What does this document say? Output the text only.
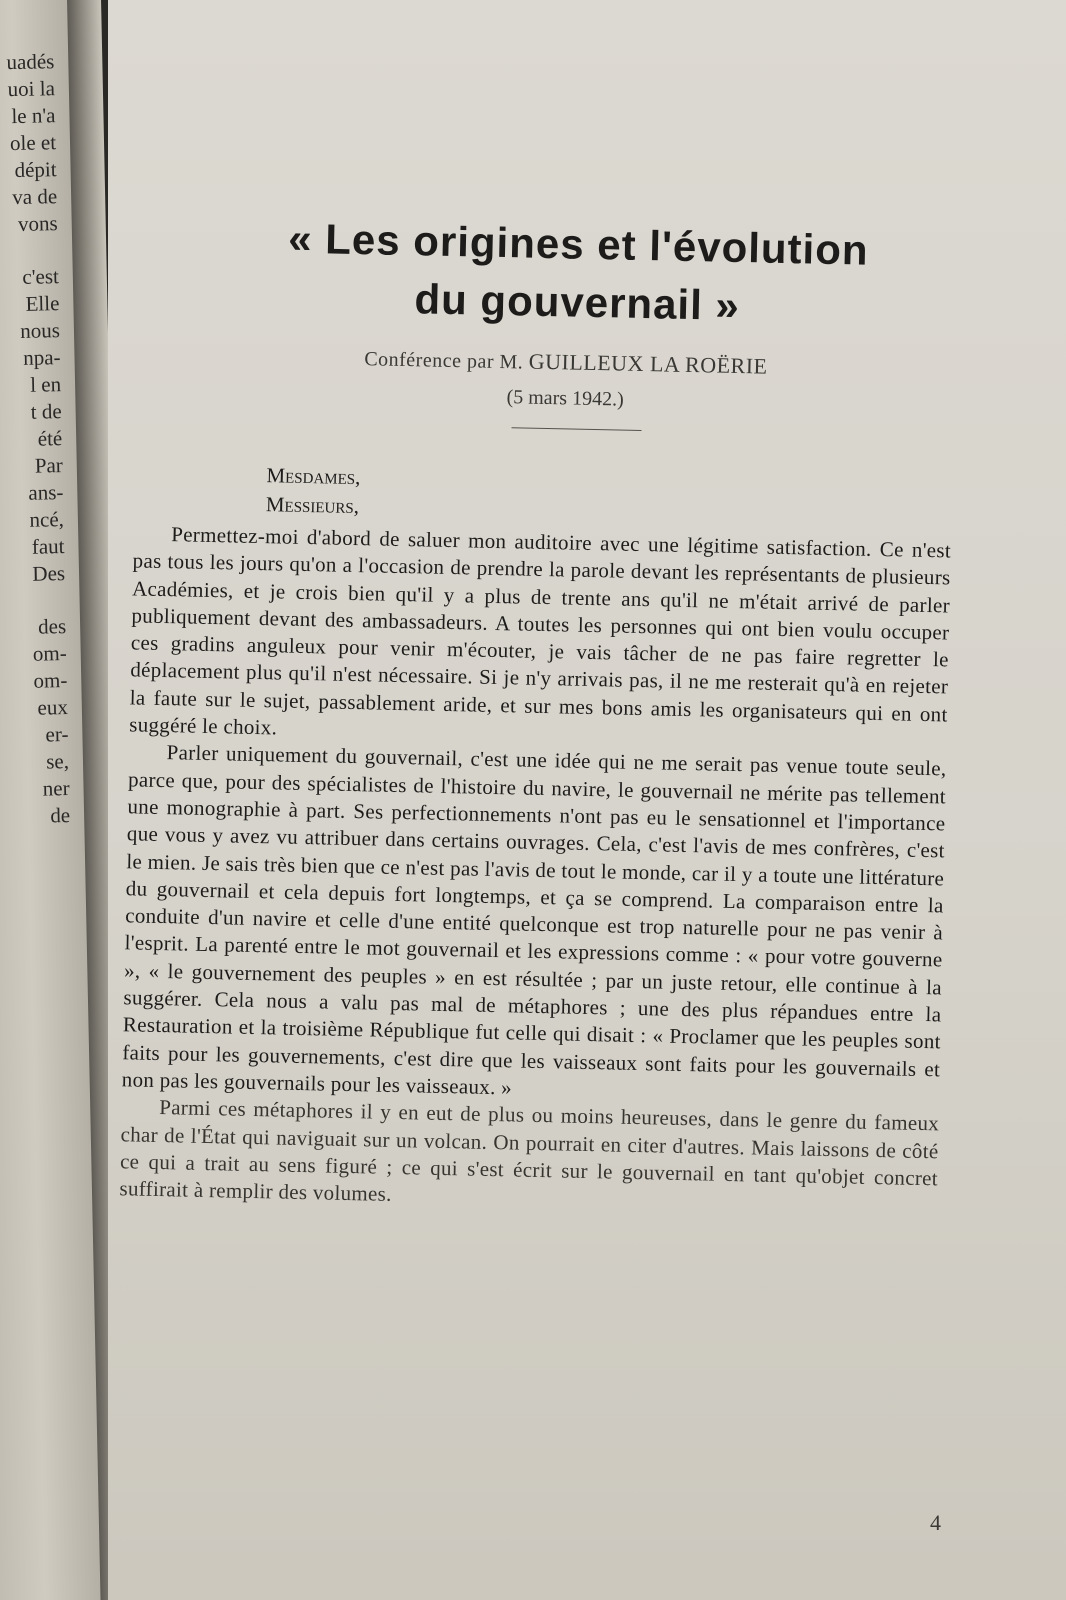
uadés
uoi la
le n'a
ole et
dépit
va de
vons
c'est
Elle
nous
npa-
l en
t de
été
Par
ans-
ncé,
faut
Des
des
om-
om-
eux
er-
se,
ner
de
« Les origines et l'évolution
du gouvernail »
Conférence par M. GUILLEUX LA ROËRIE
(5 mars 1942.)
Mesdames,
Messieurs,

Permettez-moi d'abord de saluer mon auditoire avec une légitime satisfaction. Ce n'est pas tous les jours qu'on a l'occasion de prendre la parole devant les représentants de plusieurs Académies, et je crois bien qu'il y a plus de trente ans qu'il ne m'était arrivé de parler publiquement devant des ambassadeurs. A toutes les personnes qui ont bien voulu occuper ces gradins anguleux pour venir m'écouter, je vais tâcher de ne pas faire regretter le déplacement plus qu'il n'est nécessaire. Si je n'y arrivais pas, il ne me resterait qu'à en rejeter la faute sur le sujet, passablement aride, et sur mes bons amis les organisateurs qui en ont suggéré le choix.

Parler uniquement du gouvernail, c'est une idée qui ne me serait pas venue toute seule, parce que, pour des spécialistes de l'histoire du navire, le gouvernail ne mérite pas tellement une monographie à part. Ses perfectionnements n'ont pas eu le sensationnel et l'importance que vous y avez vu attribuer dans certains ouvrages. Cela, c'est l'avis de mes confrères, c'est le mien. Je sais très bien que ce n'est pas l'avis de tout le monde, car il y a toute une littérature du gouvernail et cela depuis fort longtemps, et ça se comprend. La comparaison entre la conduite d'un navire et celle d'une entité quelconque est trop naturelle pour ne pas venir à l'esprit. La parenté entre le mot gouvernail et les expressions comme : « pour votre gouverne », « le gouvernement des peuples » en est résultée ; par un juste retour, elle continue à la suggérer. Cela nous a valu pas mal de métaphores ; une des plus répandues entre la Restauration et la troisième République fut celle qui disait : « Proclamer que les peuples sont faits pour les gouvernements, c'est dire que les vaisseaux sont faits pour les gouvernails et non pas les gouvernails pour les vaisseaux. »

Parmi ces métaphores il y en eut de plus ou moins heureuses, dans le genre du fameux char de l'État qui naviguait sur un volcan. On pourrait en citer d'autres. Mais laissons de côté ce qui a trait au sens figuré ; ce qui s'est écrit sur le gouvernail en tant qu'objet concret suffirait à remplir des volumes.

4
